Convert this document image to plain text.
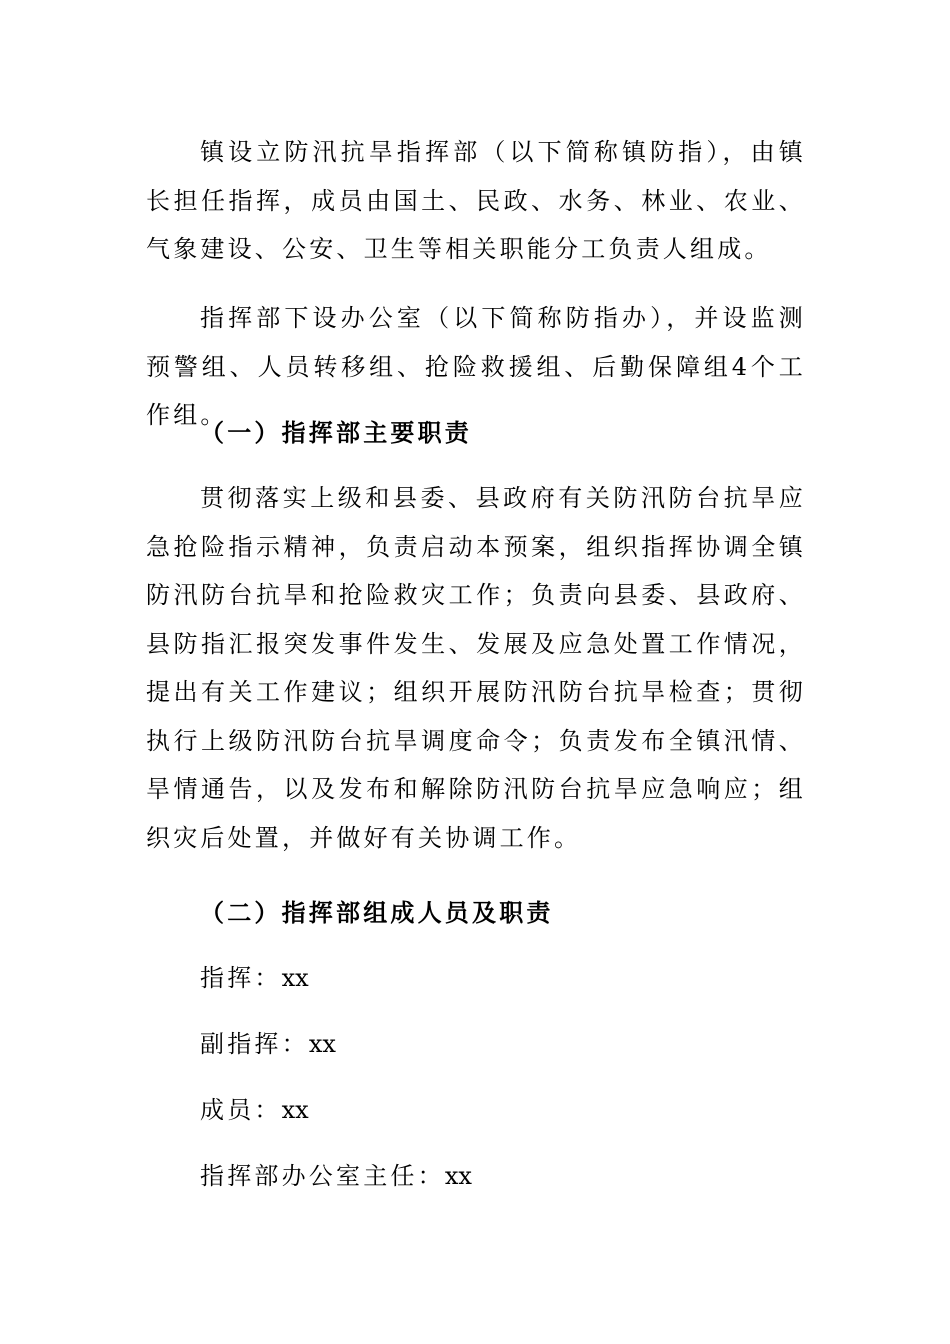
镇设立防汛抗旱指挥部（以下简称镇防指），由镇长担任指挥，成员由国土、民政、水务、林业、农业、气象建设、公安、卫生等相关职能分工负责人组成。

指挥部下设办公室（以下简称防指办），并设监测预警组、人员转移组、抢险救援组、后勤保障组4个工作组。

（一）指挥部主要职责

贯彻落实上级和县委、县政府有关防汛防台抗旱应急抢险指示精神，负责启动本预案，组织指挥协调全镇防汛防台抗旱和抢险救灾工作；负责向县委、县政府、县防指汇报突发事件发生、发展及应急处置工作情况，提出有关工作建议；组织开展防汛防台抗旱检查；贯彻执行上级防汛防台抗旱调度命令；负责发布全镇汛情、旱情通告，以及发布和解除防汛防台抗旱应急响应；组织灾后处置，并做好有关协调工作。

（二）指挥部组成人员及职责

指挥：xx
副指挥：xx
成员：xx
指挥部办公室主任：xx
